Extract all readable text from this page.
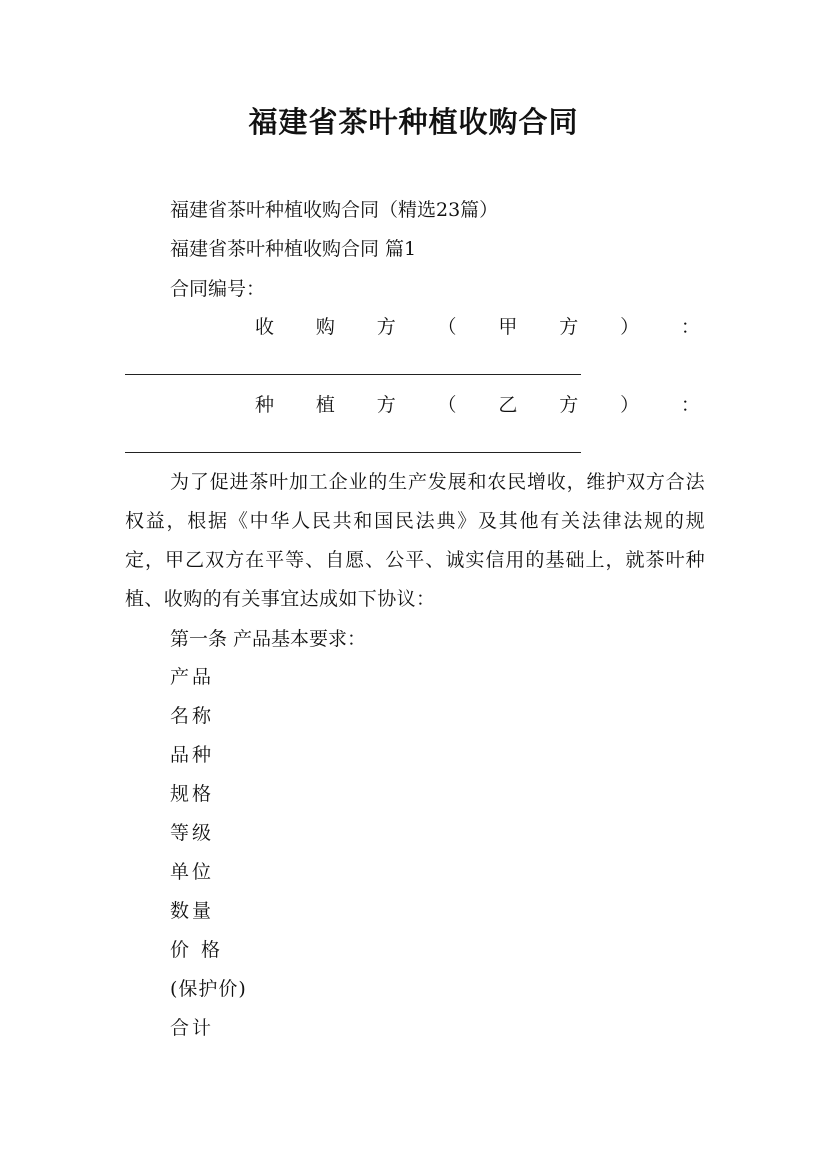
福建省茶叶种植收购合同
福建省茶叶种植收购合同（精选23篇）
福建省茶叶种植收购合同 篇1
合同编号：
收 购 方 （ 甲 方 ） ：
种 植 方 （ 乙 方 ） ：
为了促进茶叶加工企业的生产发展和农民增收，维护双方合法权益，根据《中华人民共和国民法典》及其他有关法律法规的规定，甲乙双方在平等、自愿、公平、诚实信用的基础上，就茶叶种植、收购的有关事宜达成如下协议：
第一条 产品基本要求：
产品
名称
品种
规格
等级
单位
数量
价 格
(保护价)
合计
